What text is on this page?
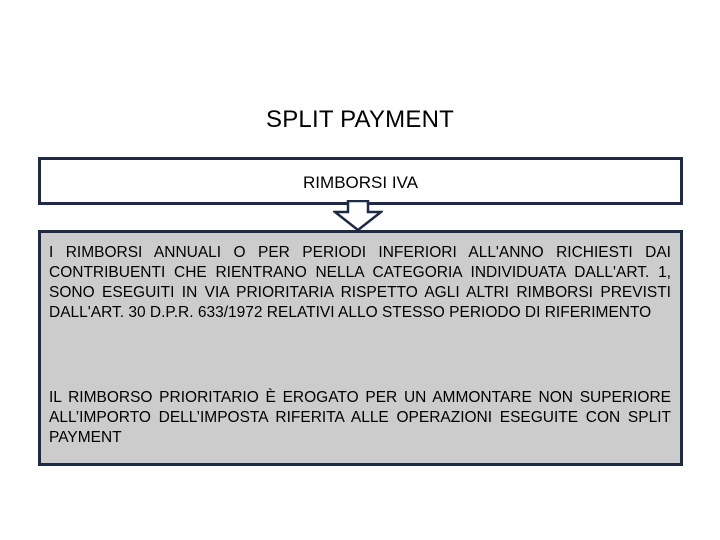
SPLIT PAYMENT
RIMBORSI IVA

I RIMBORSI ANNUALI O PER PERIODI INFERIORI ALL'ANNO RICHIESTI DAI CONTRIBUENTI CHE RIENTRANO NELLA CATEGORIA INDIVIDUATA DALL'ART. 1, SONO ESEGUITI IN VIA PRIORITARIA RISPETTO AGLI ALTRI RIMBORSI PREVISTI DALL'ART. 30 D.P.R. 633/1972 RELATIVI ALLO STESSO PERIODO DI RIFERIMENTO

IL RIMBORSO PRIORITARIO È EROGATO PER UN AMMONTARE NON SUPERIORE ALL’IMPORTO DELL’IMPOSTA RIFERITA ALLE OPERAZIONI ESEGUITE CON SPLIT PAYMENT
